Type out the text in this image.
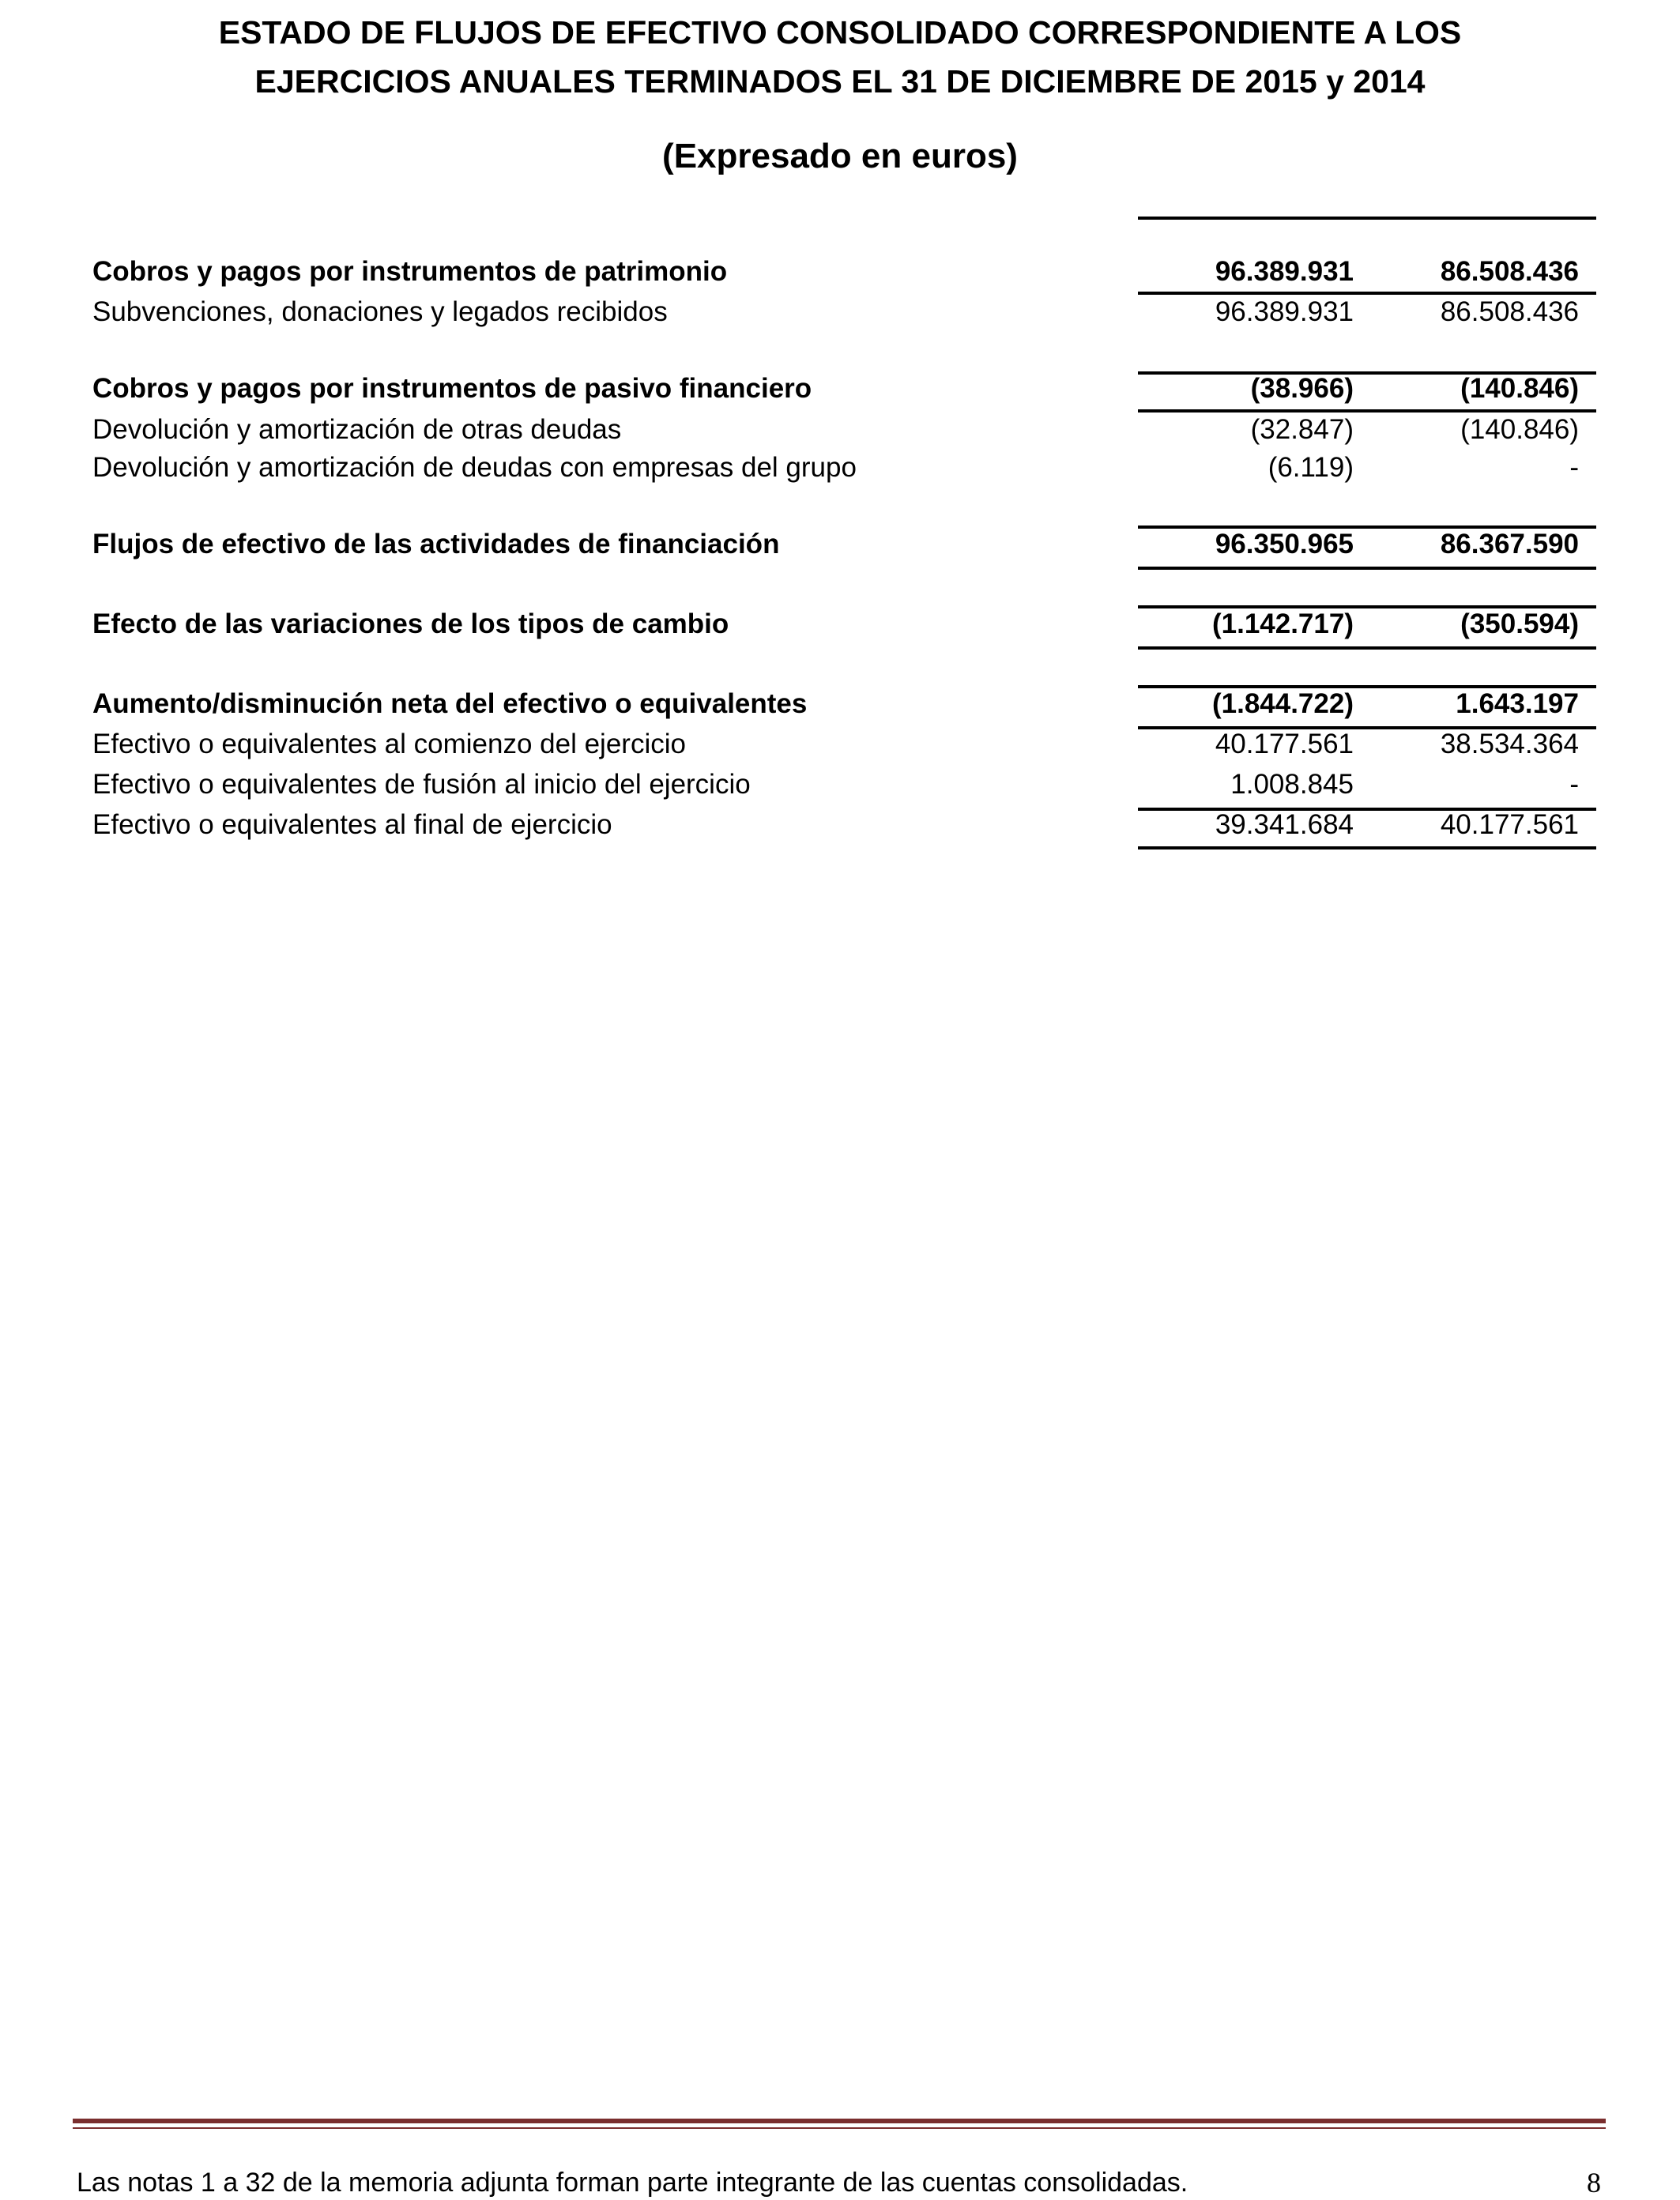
ESTADO DE FLUJOS DE EFECTIVO CONSOLIDADO CORRESPONDIENTE A LOS
EJERCICIOS ANUALES TERMINADOS EL 31 DE DICIEMBRE DE 2015 y 2014
(Expresado en euros)
Cobros y pagos por instrumentos de patrimonio	96.389.931	86.508.436
Subvenciones, donaciones y legados recibidos	96.389.931	86.508.436
Cobros y pagos por instrumentos de pasivo financiero	(38.966)	(140.846)
Devolución y amortización de otras deudas	(32.847)	(140.846)
Devolución y amortización de deudas con empresas del grupo	(6.119)	-
Flujos de efectivo de las actividades de financiación	96.350.965	86.367.590
Efecto de las variaciones de los tipos de cambio	(1.142.717)	(350.594)
Aumento/disminución neta del efectivo o equivalentes	(1.844.722)	1.643.197
Efectivo o equivalentes al comienzo del ejercicio	40.177.561	38.534.364
Efectivo o equivalentes de fusión al inicio del ejercicio	1.008.845	-
Efectivo o equivalentes al final de ejercicio	39.341.684	40.177.561
Las notas 1 a 32 de la memoria adjunta forman parte integrante de las cuentas consolidadas.	8
